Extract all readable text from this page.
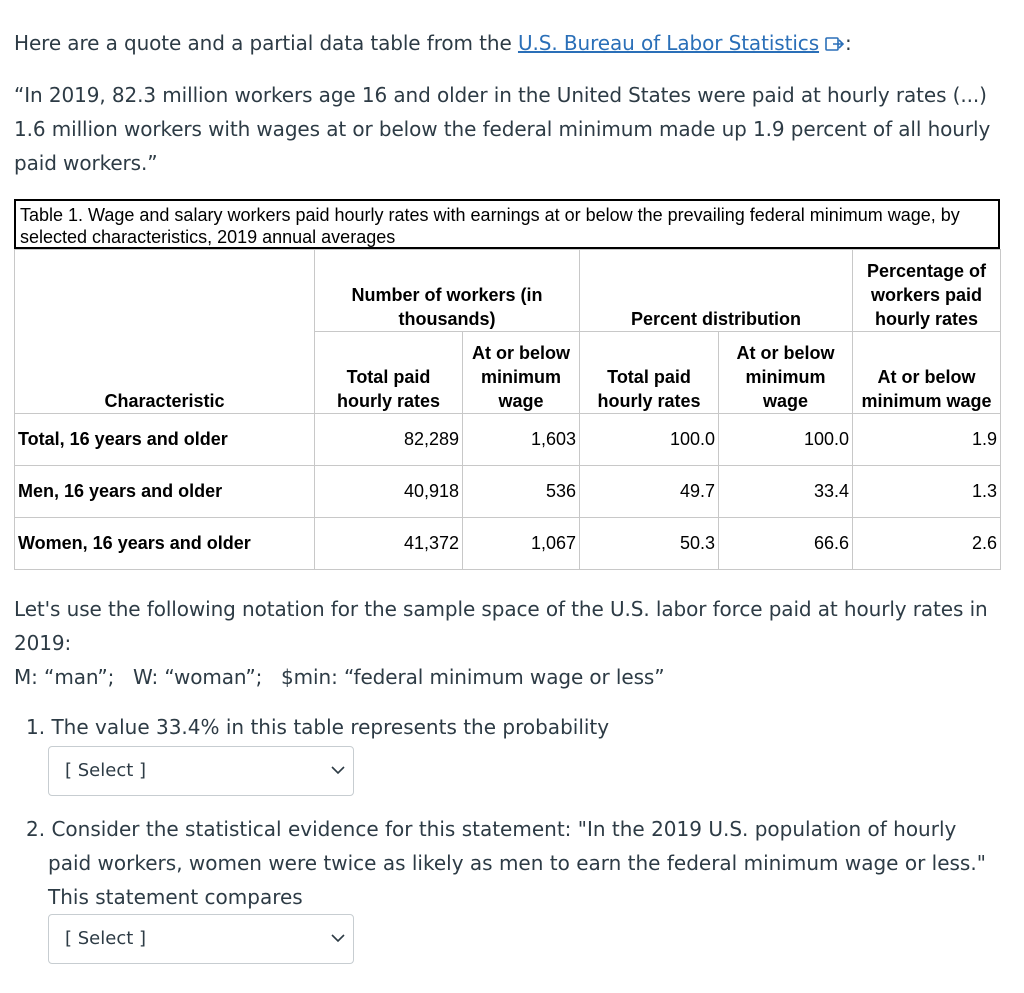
Here are a quote and a partial data table from the U.S. Bureau of Labor Statistics :
“In 2019, 82.3 million workers age 16 and older in the United States were paid at hourly rates (...) 1.6 million workers with wages at or below the federal minimum made up 1.9 percent of all hourly paid workers.”
Table 1. Wage and salary workers paid hourly rates with earnings at or below the prevailing federal minimum wage, by selected characteristics, 2019 annual averages
Characteristic	Number of workers (in thousands)		Percent distribution		Percentage of workers paid hourly rates
	Total paid hourly rates	At or below minimum wage	Total paid hourly rates	At or below minimum wage	At or below minimum wage
Total, 16 years and older	82,289	1,603	100.0	100.0	1.9
Men, 16 years and older	40,918	536	49.7	33.4	1.3
Women, 16 years and older	41,372	1,067	50.3	66.6	2.6
Let's use the following notation for the sample space of the U.S. labor force paid at hourly rates in 2019:
M: “man”;   W: “woman”;   $min: “federal minimum wage or less”
1. The value 33.4% in this table represents the probability
[ Select ]
2. Consider the statistical evidence for this statement: "In the 2019 U.S. population of hourly paid workers, women were twice as likely as men to earn the federal minimum wage or less." This statement compares
[ Select ]
